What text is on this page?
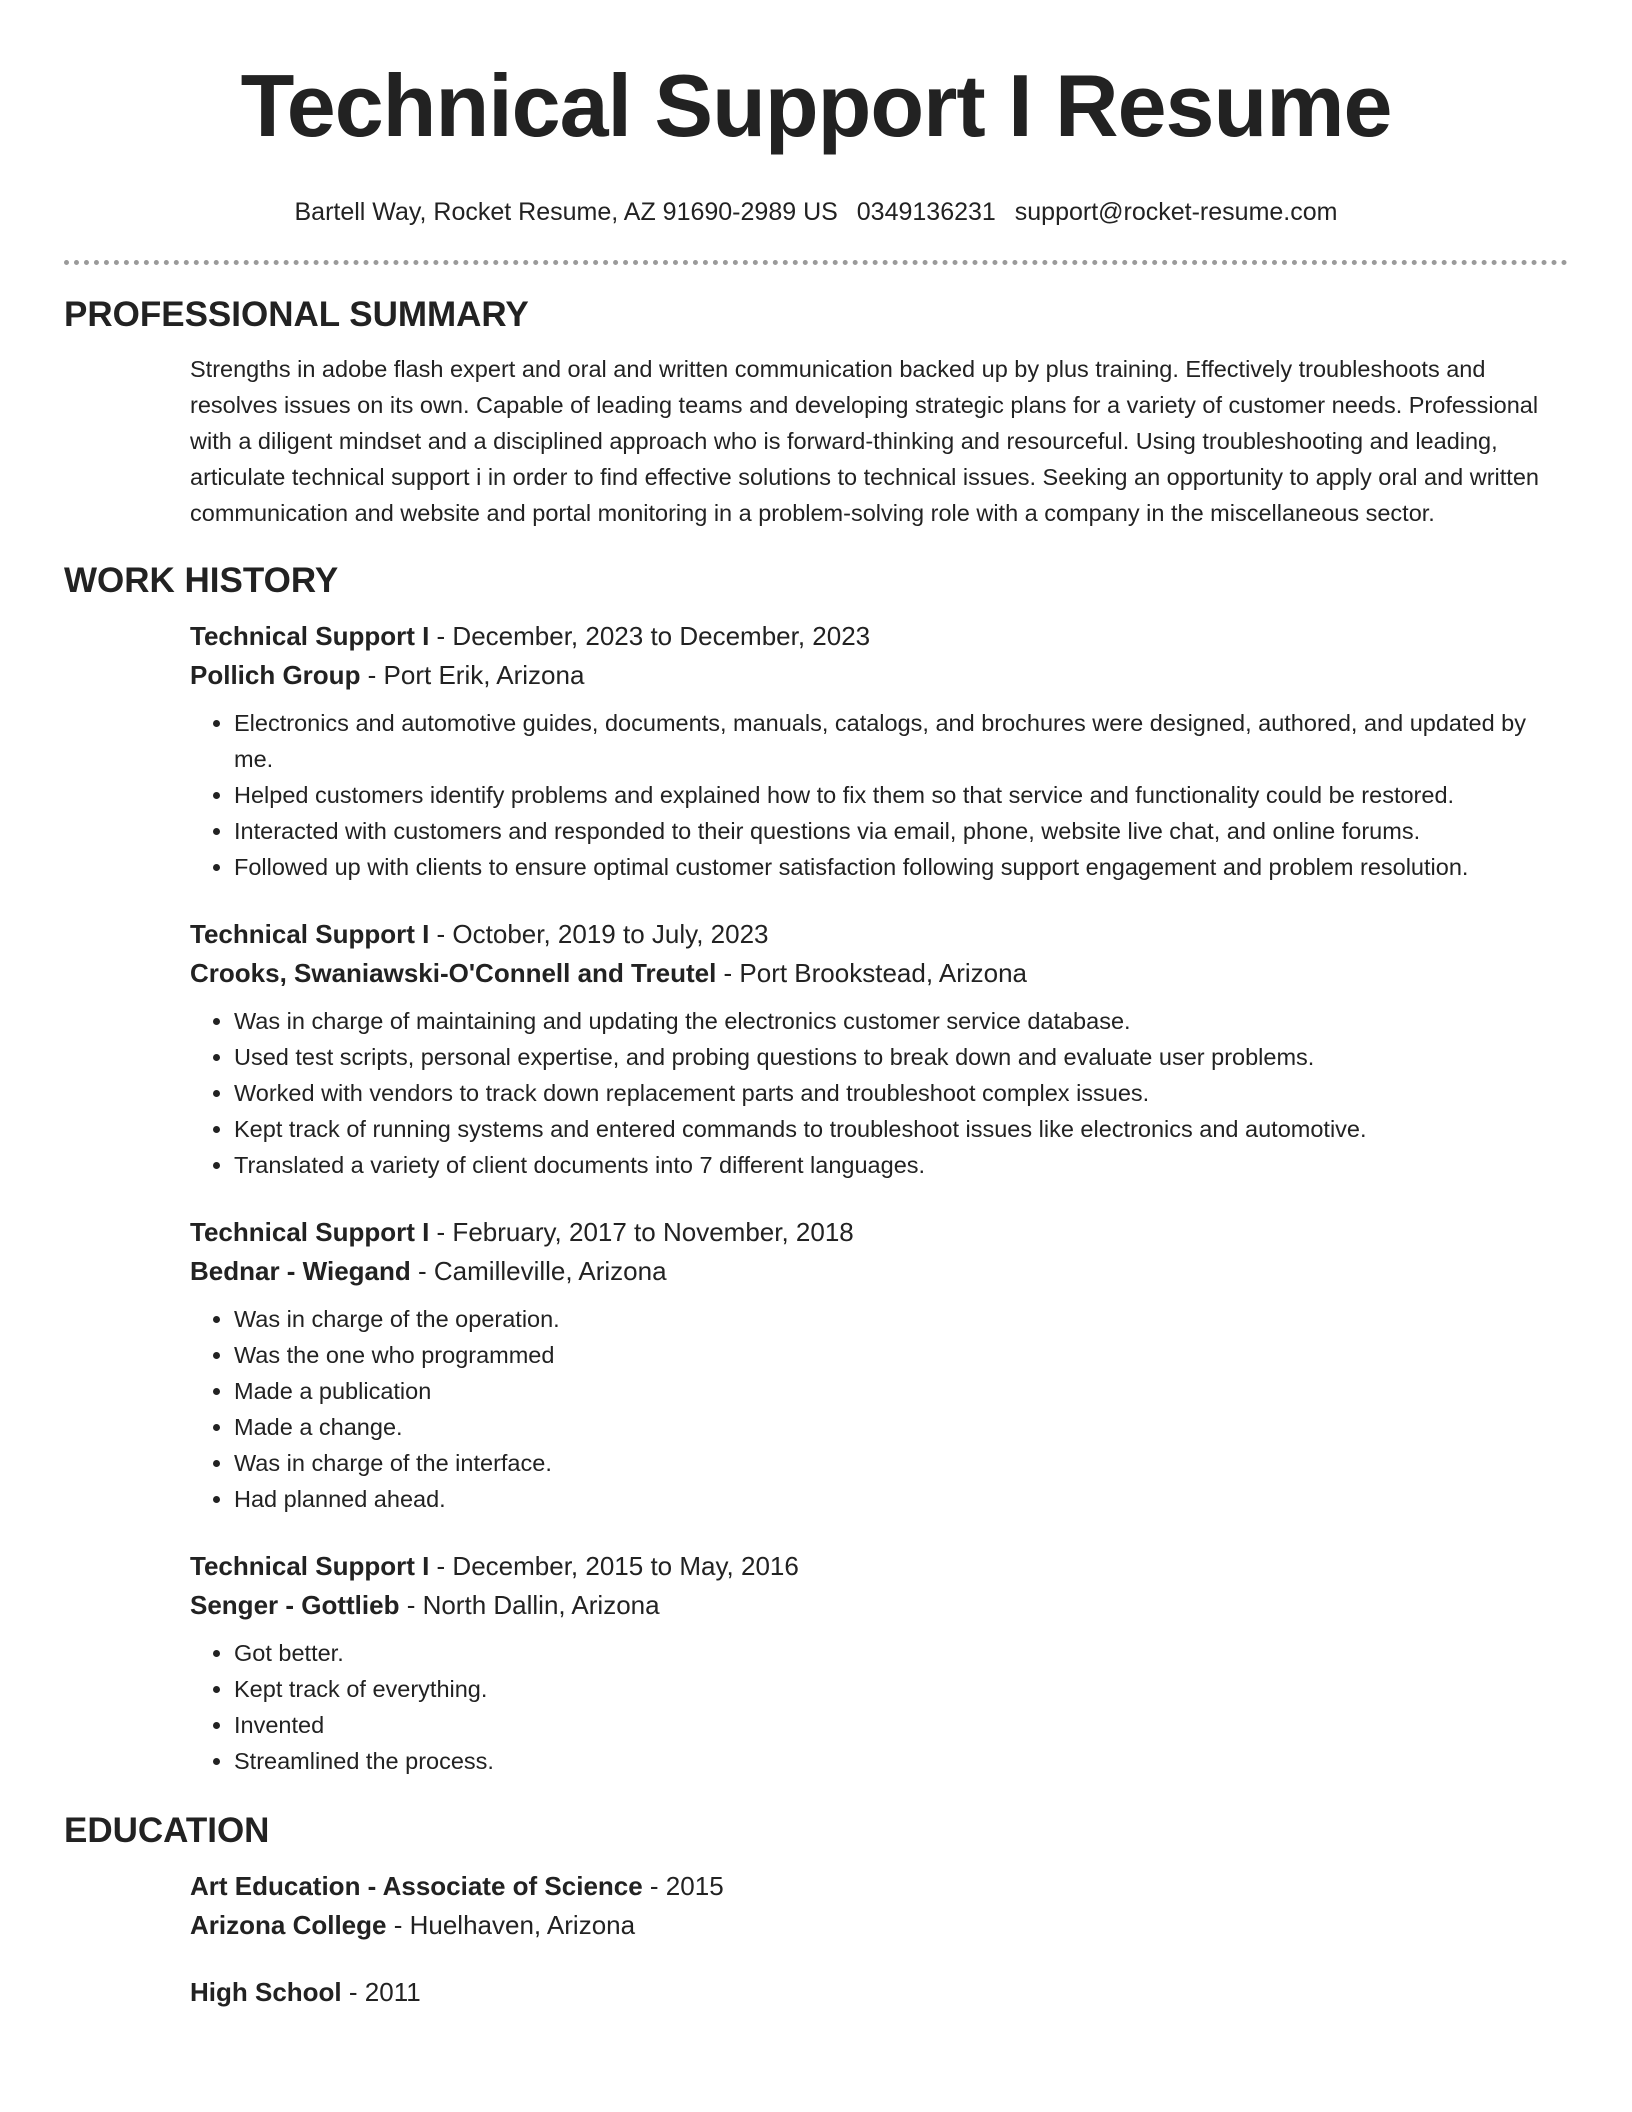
Technical Support I Resume
Bartell Way, Rocket Resume, AZ 91690-2989 US 0349136231 support@rocket-resume.com
PROFESSIONAL SUMMARY

Strengths in adobe flash expert and oral and written communication backed up by plus training. Effectively troubleshoots and resolves issues on its own. Capable of leading teams and developing strategic plans for a variety of customer needs. Professional with a diligent mindset and a disciplined approach who is forward-thinking and resourceful. Using troubleshooting and leading, articulate technical support i in order to find effective solutions to technical issues. Seeking an opportunity to apply oral and written communication and website and portal monitoring in a problem-solving role with a company in the miscellaneous sector.

WORK HISTORY
Technical Support I - December, 2023 to December, 2023
Pollich Group - Port Erik, Arizona
• Electronics and automotive guides, documents, manuals, catalogs, and brochures were designed, authored, and updated by me.
• Helped customers identify problems and explained how to fix them so that service and functionality could be restored.
• Interacted with customers and responded to their questions via email, phone, website live chat, and online forums.
• Followed up with clients to ensure optimal customer satisfaction following support engagement and problem resolution.
Technical Support I - October, 2019 to July, 2023
Crooks, Swaniawski-O'Connell and Treutel - Port Brookstead, Arizona
• Was in charge of maintaining and updating the electronics customer service database.
• Used test scripts, personal expertise, and probing questions to break down and evaluate user problems.
• Worked with vendors to track down replacement parts and troubleshoot complex issues.
• Kept track of running systems and entered commands to troubleshoot issues like electronics and automotive.
• Translated a variety of client documents into 7 different languages.
Technical Support I - February, 2017 to November, 2018
Bednar - Wiegand - Camilleville, Arizona
• Was in charge of the operation.
• Was the one who programmed
• Made a publication
• Made a change.
• Was in charge of the interface.
• Had planned ahead.
Technical Support I - December, 2015 to May, 2016
Senger - Gottlieb - North Dallin, Arizona
• Got better.
• Kept track of everything.
• Invented
• Streamlined the process.
EDUCATION
Art Education - Associate of Science - 2015
Arizona College - Huelhaven, Arizona
High School - 2011
